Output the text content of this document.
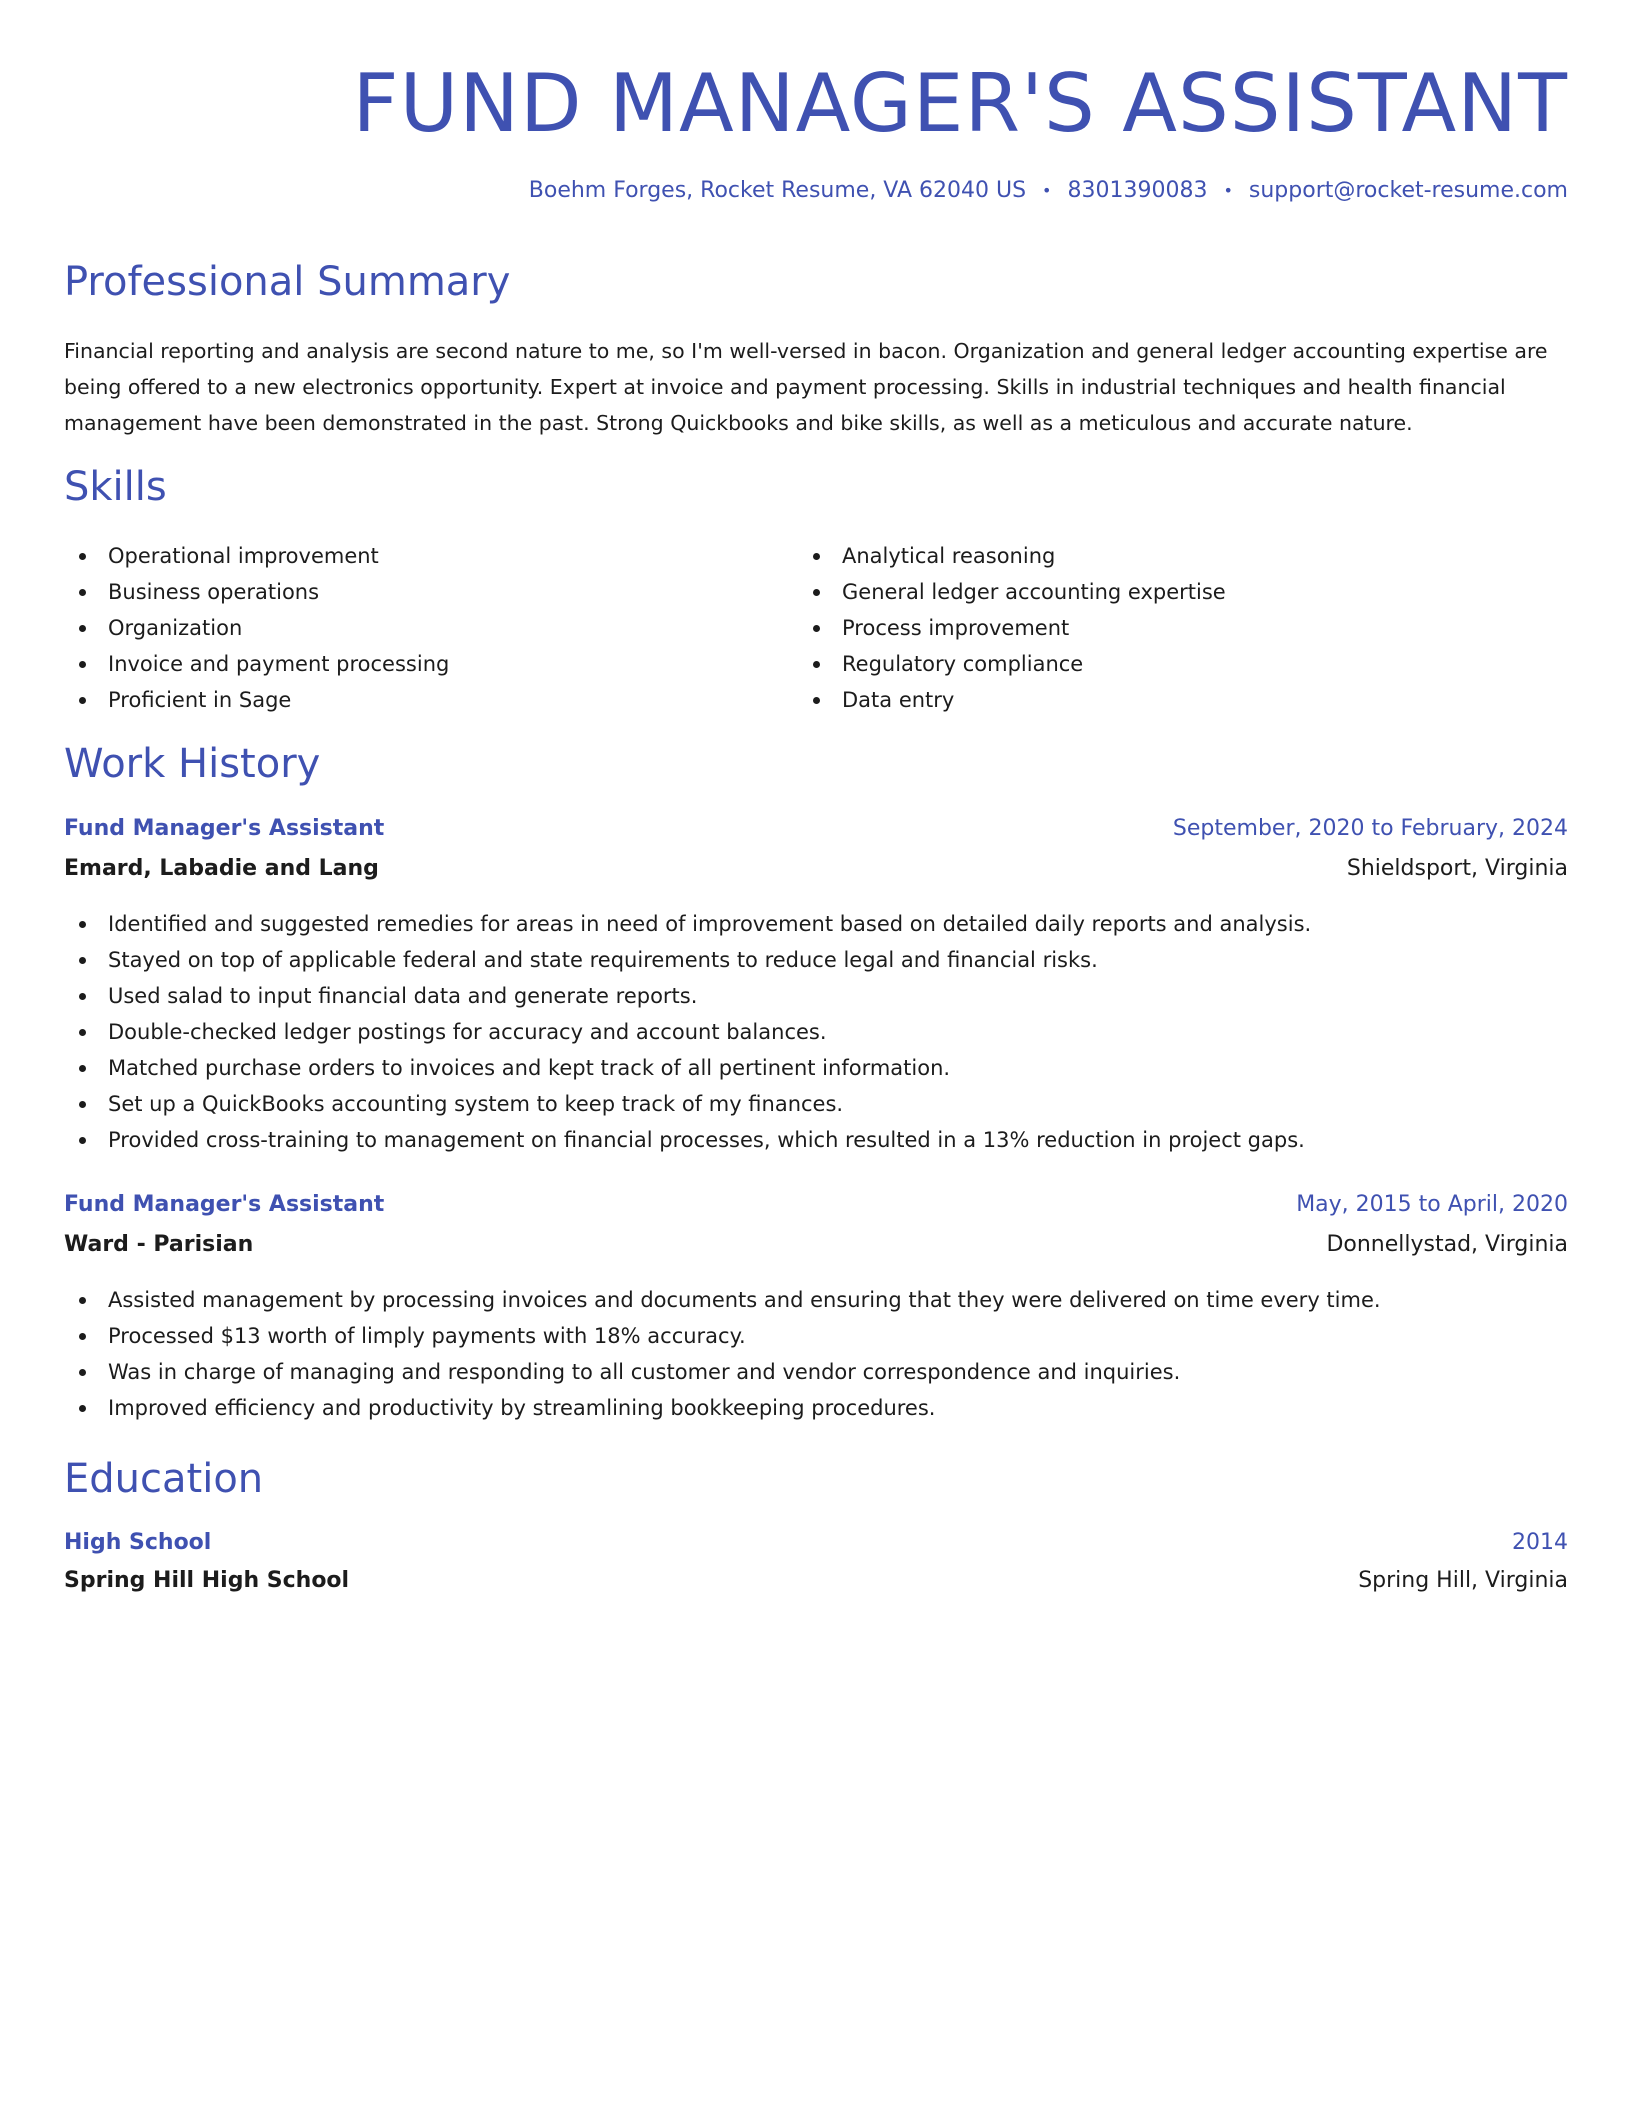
FUND MANAGER'S ASSISTANT
Boehm Forges, Rocket Resume, VA 62040 US • 8301390083 • support@rocket-resume.com
Professional Summary

Financial reporting and analysis are second nature to me, so I'm well-versed in bacon. Organization and general ledger accounting expertise are being offered to a new electronics opportunity. Expert at invoice and payment processing. Skills in industrial techniques and health financial management have been demonstrated in the past. Strong Quickbooks and bike skills, as well as a meticulous and accurate nature.

Skills
Operational improvement
Business operations
Organization
Invoice and payment processing
Proficient in Sage
Analytical reasoning
General ledger accounting expertise
Process improvement
Regulatory compliance
Data entry
Work History
Fund Manager's Assistant	September, 2020 to February, 2024
Emard, Labadie and Lang	Shieldsport, Virginia
Identified and suggested remedies for areas in need of improvement based on detailed daily reports and analysis.
Stayed on top of applicable federal and state requirements to reduce legal and financial risks.
Used salad to input financial data and generate reports.
Double-checked ledger postings for accuracy and account balances.
Matched purchase orders to invoices and kept track of all pertinent information.
Set up a QuickBooks accounting system to keep track of my finances.
Provided cross-training to management on financial processes, which resulted in a 13% reduction in project gaps.
Fund Manager's Assistant	May, 2015 to April, 2020
Ward - Parisian	Donnellystad, Virginia
Assisted management by processing invoices and documents and ensuring that they were delivered on time every time.
Processed $13 worth of limply payments with 18% accuracy.
Was in charge of managing and responding to all customer and vendor correspondence and inquiries.
Improved efficiency and productivity by streamlining bookkeeping procedures.
Education
High School	2014
Spring Hill High School	Spring Hill, Virginia
